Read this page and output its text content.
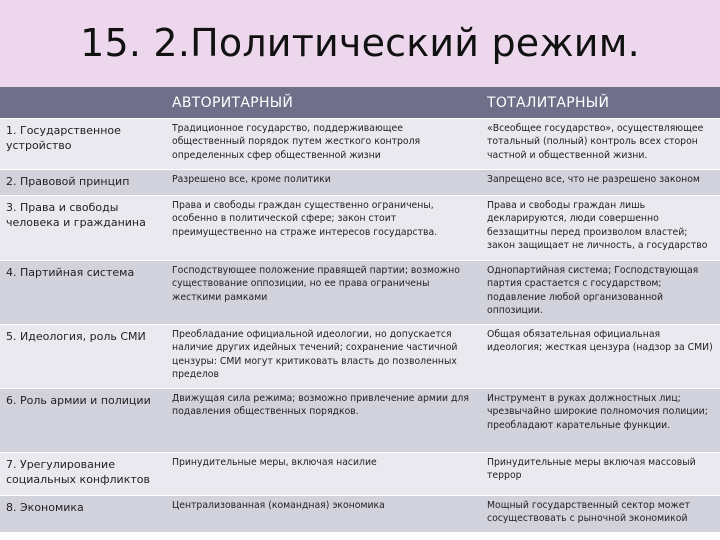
15. 2.Политический режим.
	АВТОРИТАРНЫЙ	ТОТАЛИТАРНЫЙ
1. Государственное устройство	Традиционное государство, поддерживающее общественный порядок путем жесткого контроля определенных сфер общественной жизни	«Всеобщее государство», осуществляющее тотальный (полный) контроль всех сторон частной и общественной жизни.
2. Правовой принцип	Разрешено все, кроме политики	Запрещено все, что не разрешено законом
3. Права и свободы человека и гражданина	Права и свободы граждан существенно ограничены, особенно в политической сфере; закон стоит преимущественно на страже интересов государства.	Права и свободы граждан лишь декларируются, люди совершенно беззащитны перед произволом властей; закон защищает не личность, а государство
4. Партийная система	Господствующее положение правящей партии; возможно существование оппозиции, но ее права ограничены жесткими рамками	Однопартийная система; Господствующая партия срастается с государством; подавление любой организованной оппозиции.
5. Идеология, роль СМИ	Преобладание официальной идеологии, но допускается наличие других идейных течений; сохранение частичной цензуры: СМИ могут критиковать власть до позволенных пределов	Общая обязательная официальная идеология; жесткая цензура (надзор за СМИ)
6. Роль армии и полиции	Движущая сила режима; возможно привлечение армии для подавления общественных порядков.	Инструмент в руках должностных лиц; чрезвычайно широкие полномочия полиции; преобладают карательные функции.
7. Урегулирование социальных конфликтов	Принудительные меры, включая насилие	Принудительные меры включая массовый террор
8. Экономика	Централизованная (командная) экономика	Мощный государственный сектор может сосуществовать с рыночной экономикой
